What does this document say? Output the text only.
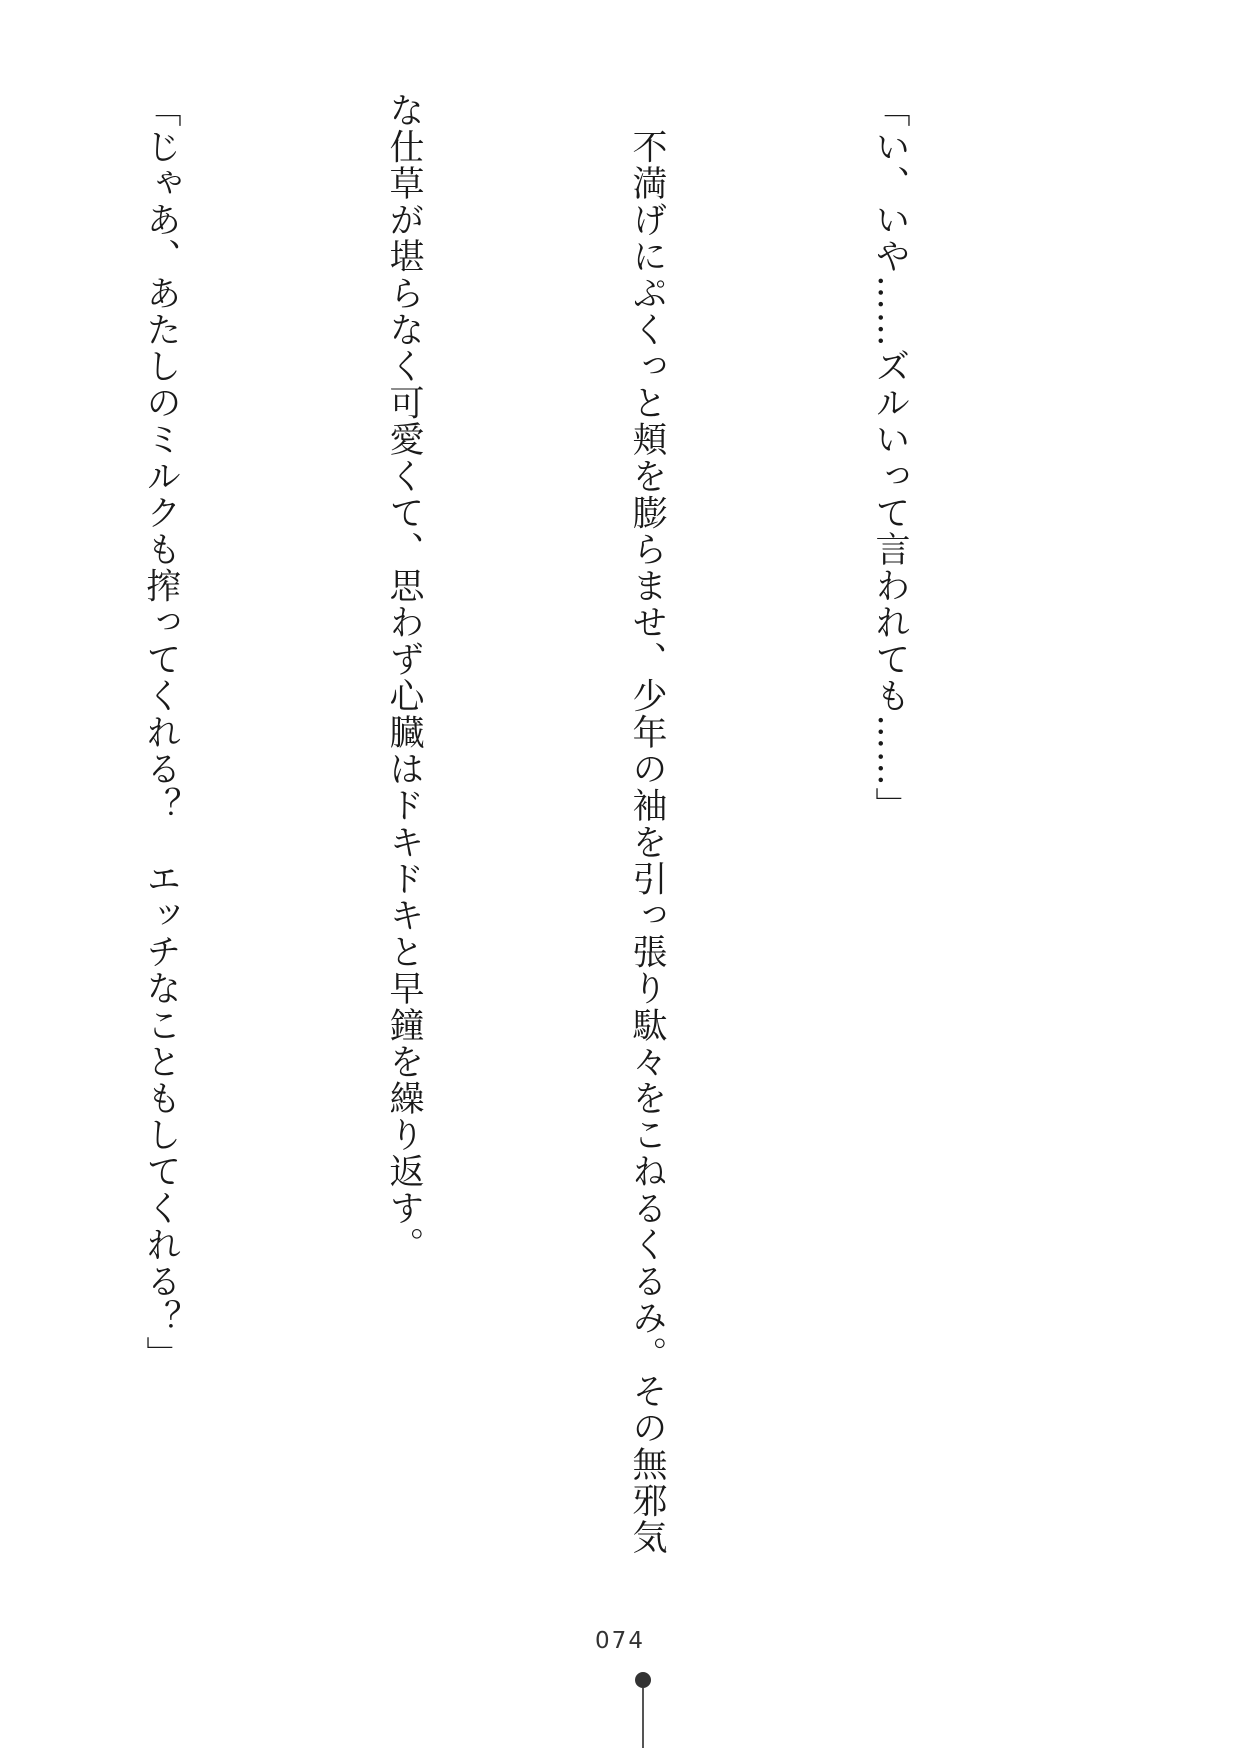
「い、いや……ズルいって言われても……」

　不満げにぷくっと頬を膨らませ、少年の袖を引っ張り駄々をこねるくるみ。その無邪気

な仕草が堪らなく可愛くて、思わず心臓はドキドキと早鐘を繰り返す。

「じゃあ、あたしのミルクも搾ってくれる？　エッチなこともしてくれる？」

074
